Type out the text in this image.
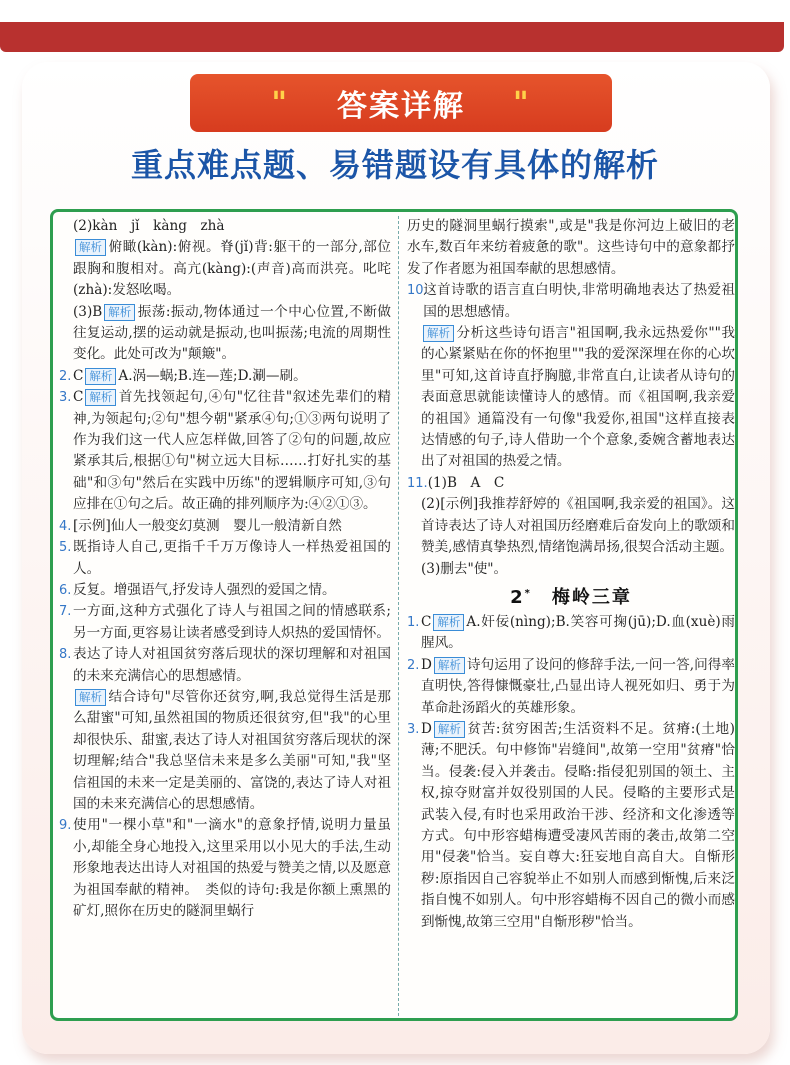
" 答案详解 "
重点难点题、易错题设有具体的解析
(2)kàn　jǐ　kàng　zhà
解析 俯瞰(kàn):俯视。脊(jǐ)背:躯干的一部分,部位跟胸和腹相对。高亢(kàng):(声音)高而洪亮。叱咤(zhà):发怒吆喝。
(3)B 解析 振荡:振动,物体通过一个中心位置,不断做往复运动,摆的运动就是振动,也叫振荡;电流的周期性变化。此处可改为"颠簸"。
2. C 解析 A.涡—蜗;B.连—莲;D.涮—刷。
3. C 解析 首先找领起句,④句"忆往昔"叙述先辈们的精神,为领起句;②句"想今朝"紧承④句;①③两句说明了作为我们这一代人应怎样做,回答了②句的问题,故应紧承其后,根据①句"树立远大目标……打好扎实的基础"和③句"然后在实践中历练"的逻辑顺序可知,③句应排在①句之后。故正确的排列顺序为:④②①③。
4. [示例]仙人一般变幻莫测　婴儿一般清新自然
5. 既指诗人自己,更指千千万万像诗人一样热爱祖国的人。
6. 反复。增强语气,抒发诗人强烈的爱国之情。
7. 一方面,这种方式强化了诗人与祖国之间的情感联系;另一方面,更容易让读者感受到诗人炽热的爱国情怀。
8. 表达了诗人对祖国贫穷落后现状的深切理解和对祖国的未来充满信心的思想感情。
解析 结合诗句"尽管你还贫穷,啊,我总觉得生活是那么甜蜜"可知,虽然祖国的物质还很贫穷,但"我"的心里却很快乐、甜蜜,表达了诗人对祖国贫穷落后现状的深切理解;结合"我总坚信未来是多么美丽"可知,"我"坚信祖国的未来一定是美丽的、富饶的,表达了诗人对祖国的未来充满信心的思想感情。
9. 使用"一棵小草"和"一滴水"的意象抒情,说明力量虽小,却能全身心地投入,这里采用以小见大的手法,生动形象地表达出诗人对祖国的热爱与赞美之情,以及愿意为祖国奉献的精神。　类似的诗句:我是你额上熏黑的矿灯,照你在历史的隧洞里蜗行
历史的隧洞里蜗行摸索",或是"我是你河边上破旧的老水车,数百年来纺着疲惫的歌"。这些诗句中的意象都抒发了作者愿为祖国奉献的思想感情。
10.
这首诗歌的语言直白明快,非常明确地表达了热爱祖国的思想感情。
解析 分析这些诗句语言"祖国啊,我永远热爱你""我的心紧紧贴在你的怀抱里""我的爱深深埋在你的心坎里"可知,这首诗直抒胸臆,非常直白,让读者从诗句的表面意思就能读懂诗人的感情。而《祖国啊,我亲爱的祖国》通篇没有一句像"我爱你,祖国"这样直接表达情感的句子,诗人借助一个个意象,委婉含蓄地表达出了对祖国的热爱之情。
11. (1)B　A　C
(2)[示例]我推荐舒婷的《祖国啊,我亲爱的祖国》。这首诗表达了诗人对祖国历经磨难后奋发向上的歌颂和赞美,感情真挚热烈,情绪饱满昂扬,很契合活动主题。
(3)删去"使"。
2*　 梅岭三章
1. C 解析 A.奸佞(nìng);B.笑容可掬(jū);D.血(xuè)雨腥风。
2. D 解析 诗句运用了设问的修辞手法,一问一答,问得率直明快,答得慷慨豪壮,凸显出诗人视死如归、勇于为革命赴汤蹈火的英雄形象。
3. D 解析 贫苦:贫穷困苦;生活资料不足。贫瘠:(土地)薄;不肥沃。句中修饰"岩缝间",故第一空用"贫瘠"恰当。侵袭:侵入并袭击。侵略:指侵犯别国的领土、主权,掠夺财富并奴役别国的人民。侵略的主要形式是武装入侵,有时也采用政治干涉、经济和文化渗透等方式。句中形容蜡梅遭受凄风苦雨的袭击,故第二空用"侵袭"恰当。妄自尊大:狂妄地自高自大。自惭形秽:原指因自己容貌举止不如别人而感到惭愧,后来泛指自愧不如别人。句中形容蜡梅不因自己的微小而感到惭愧,故第三空用"自惭形秽"恰当。
